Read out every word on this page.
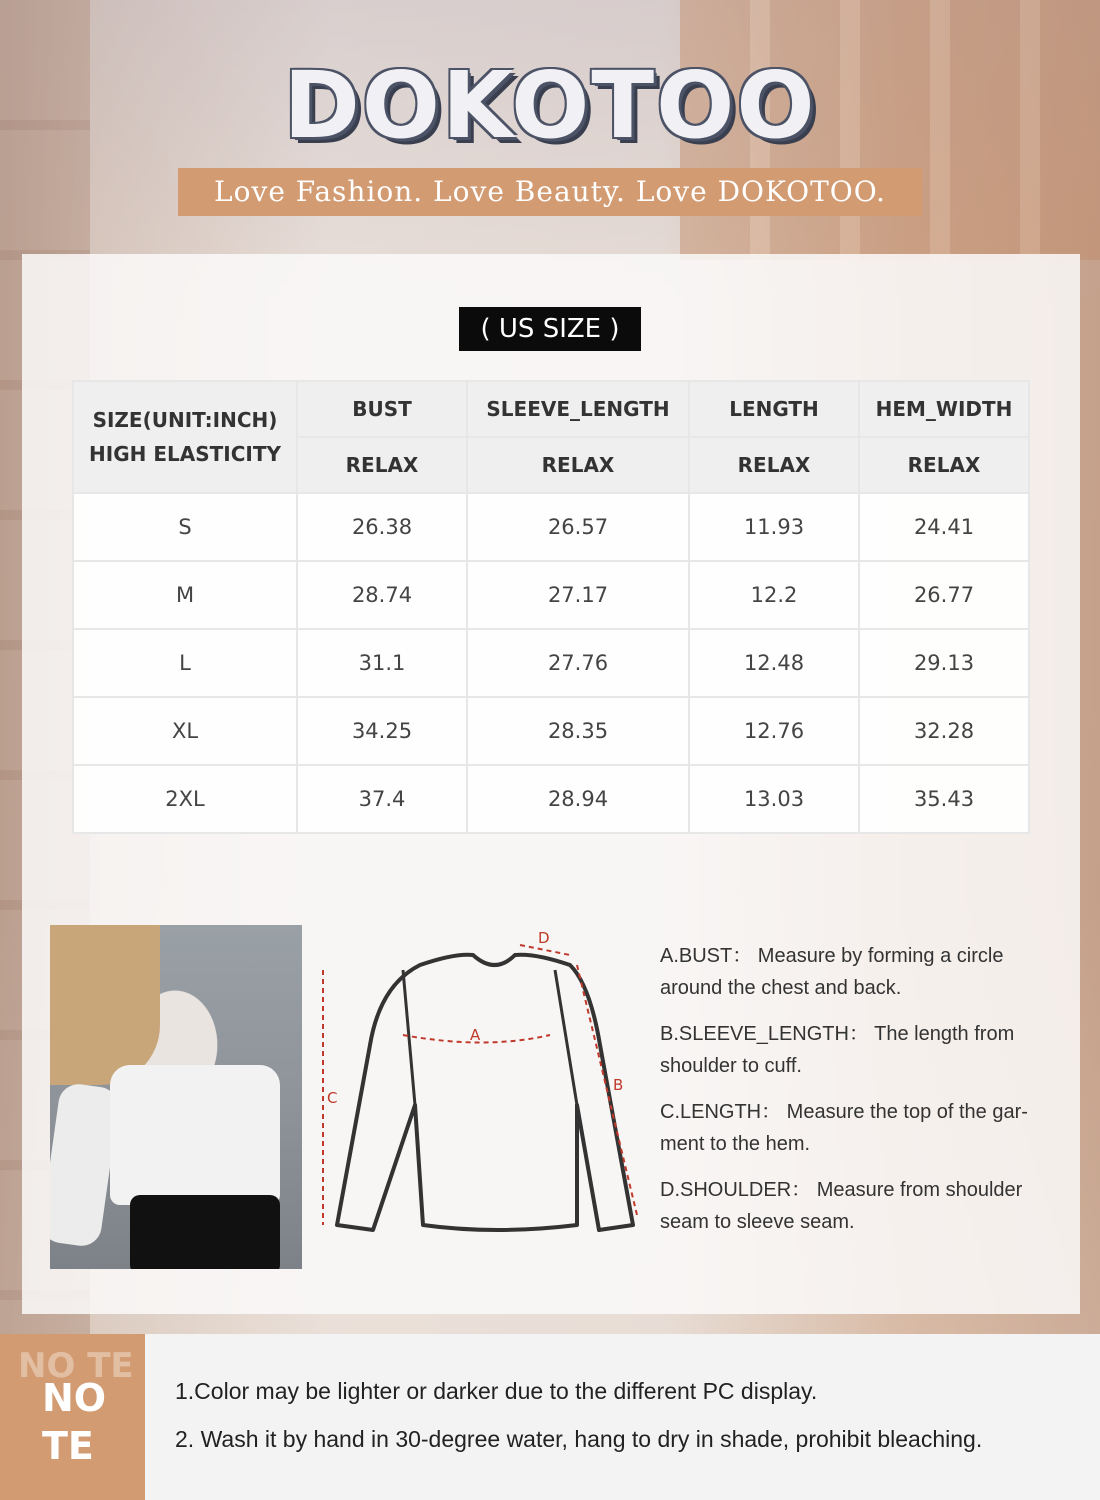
DOKOTOO
Love Fashion. Love Beauty. Love DOKOTOO.
( US SIZE )
SIZE(UNIT:INCH)
HIGH ELASTICITY	BUST	SLEEVE_LENGTH	LENGTH	HEM_WIDTH
	RELAX	RELAX	RELAX	RELAX
S	26.38	26.57	11.93	24.41
M	28.74	27.17	12.2	26.77
L	31.1	27.76	12.48	29.13
XL	34.25	28.35	12.76	32.28
2XL	37.4	28.94	13.03	35.43
A
B
C
D

A.BUST： Measure by forming a circle around the chest and back.

B.SLEEVE_LENGTH： The length from shoulder to cuff.

C.LENGTH： Measure the top of the gar-ment to the hem.

D.SHOULDER： Measure from shoulder seam to sleeve seam.

NO TE
NO
TE

1.Color may be lighter or darker due to the different PC display.

2. Wash it by hand in 30-degree water, hang to dry in shade, prohibit bleaching.
